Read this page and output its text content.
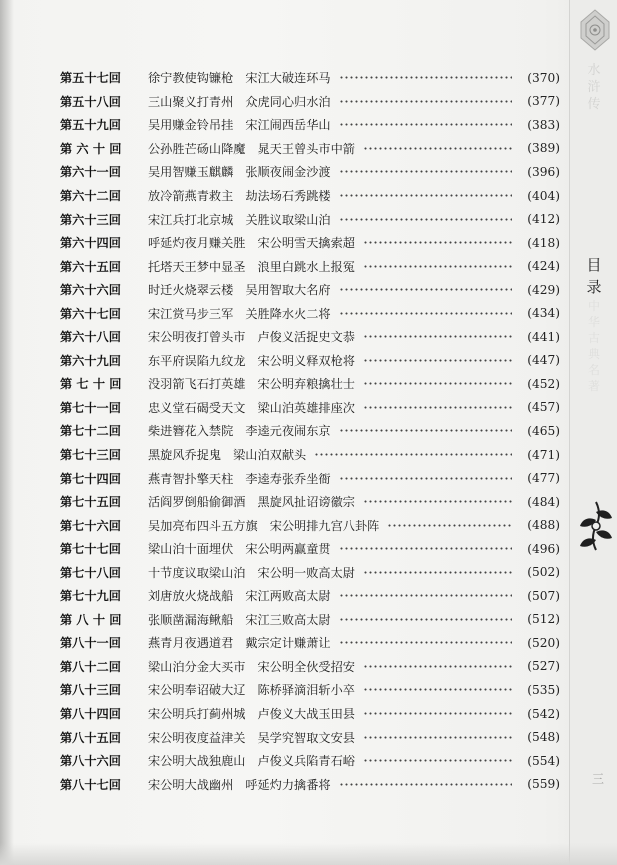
第五十七回	徐宁教使钩镰枪 宋江大破连环马	(370)
第五十八回	三山聚义打青州 众虎同心归水泊	(377)
第五十九回	吴用赚金铃吊挂 宋江闹西岳华山	(383)
第 六 十 回	公孙胜芒砀山降魔 晁天王曾头市中箭	(389)
第六十一回	吴用智赚玉麒麟 张顺夜闹金沙渡	(396)
第六十二回	放冷箭燕青救主 劫法场石秀跳楼	(404)
第六十三回	宋江兵打北京城 关胜议取梁山泊	(412)
第六十四回	呼延灼夜月赚关胜 宋公明雪天擒索超	(418)
第六十五回	托塔天王梦中显圣 浪里白跳水上报冤	(424)
第六十六回	时迁火烧翠云楼 吴用智取大名府	(429)
第六十七回	宋江赏马步三军 关胜降水火二将	(434)
第六十八回	宋公明夜打曾头市 卢俊义活捉史文恭	(441)
第六十九回	东平府误陷九纹龙 宋公明义释双枪将	(447)
第 七 十 回	没羽箭飞石打英雄 宋公明弃粮擒壮士	(452)
第七十一回	忠义堂石碣受天文 梁山泊英雄排座次	(457)
第七十二回	柴进簪花入禁院 李逵元夜闹东京	(465)
第七十三回	黑旋风乔捉鬼 梁山泊双献头	(471)
第七十四回	燕青智扑擎天柱 李逵寿张乔坐衙	(477)
第七十五回	活阎罗倒船偷御酒 黑旋风扯诏谤徽宗	(484)
第七十六回	吴加亮布四斗五方旗 宋公明排九宫八卦阵	(488)
第七十七回	梁山泊十面埋伏 宋公明两赢童贯	(496)
第七十八回	十节度议取梁山泊 宋公明一败高太尉	(502)
第七十九回	刘唐放火烧战船 宋江两败高太尉	(507)
第 八 十 回	张顺凿漏海鳅船 宋江三败高太尉	(512)
第八十一回	燕青月夜遇道君 戴宗定计赚萧让	(520)
第八十二回	梁山泊分金大买市 宋公明全伙受招安	(527)
第八十三回	宋公明奉诏破大辽 陈桥驿滴泪斩小卒	(535)
第八十四回	宋公明兵打蓟州城 卢俊义大战玉田县	(542)
第八十五回	宋公明夜度益津关 吴学究智取文安县	(548)
第八十六回	宋公明大战独鹿山 卢俊义兵陷青石峪	(554)
第八十七回	宋公明大战幽州 呼延灼力擒番将	(559)
水
浒
传
目
录
中
华
古
典
名
著
三
